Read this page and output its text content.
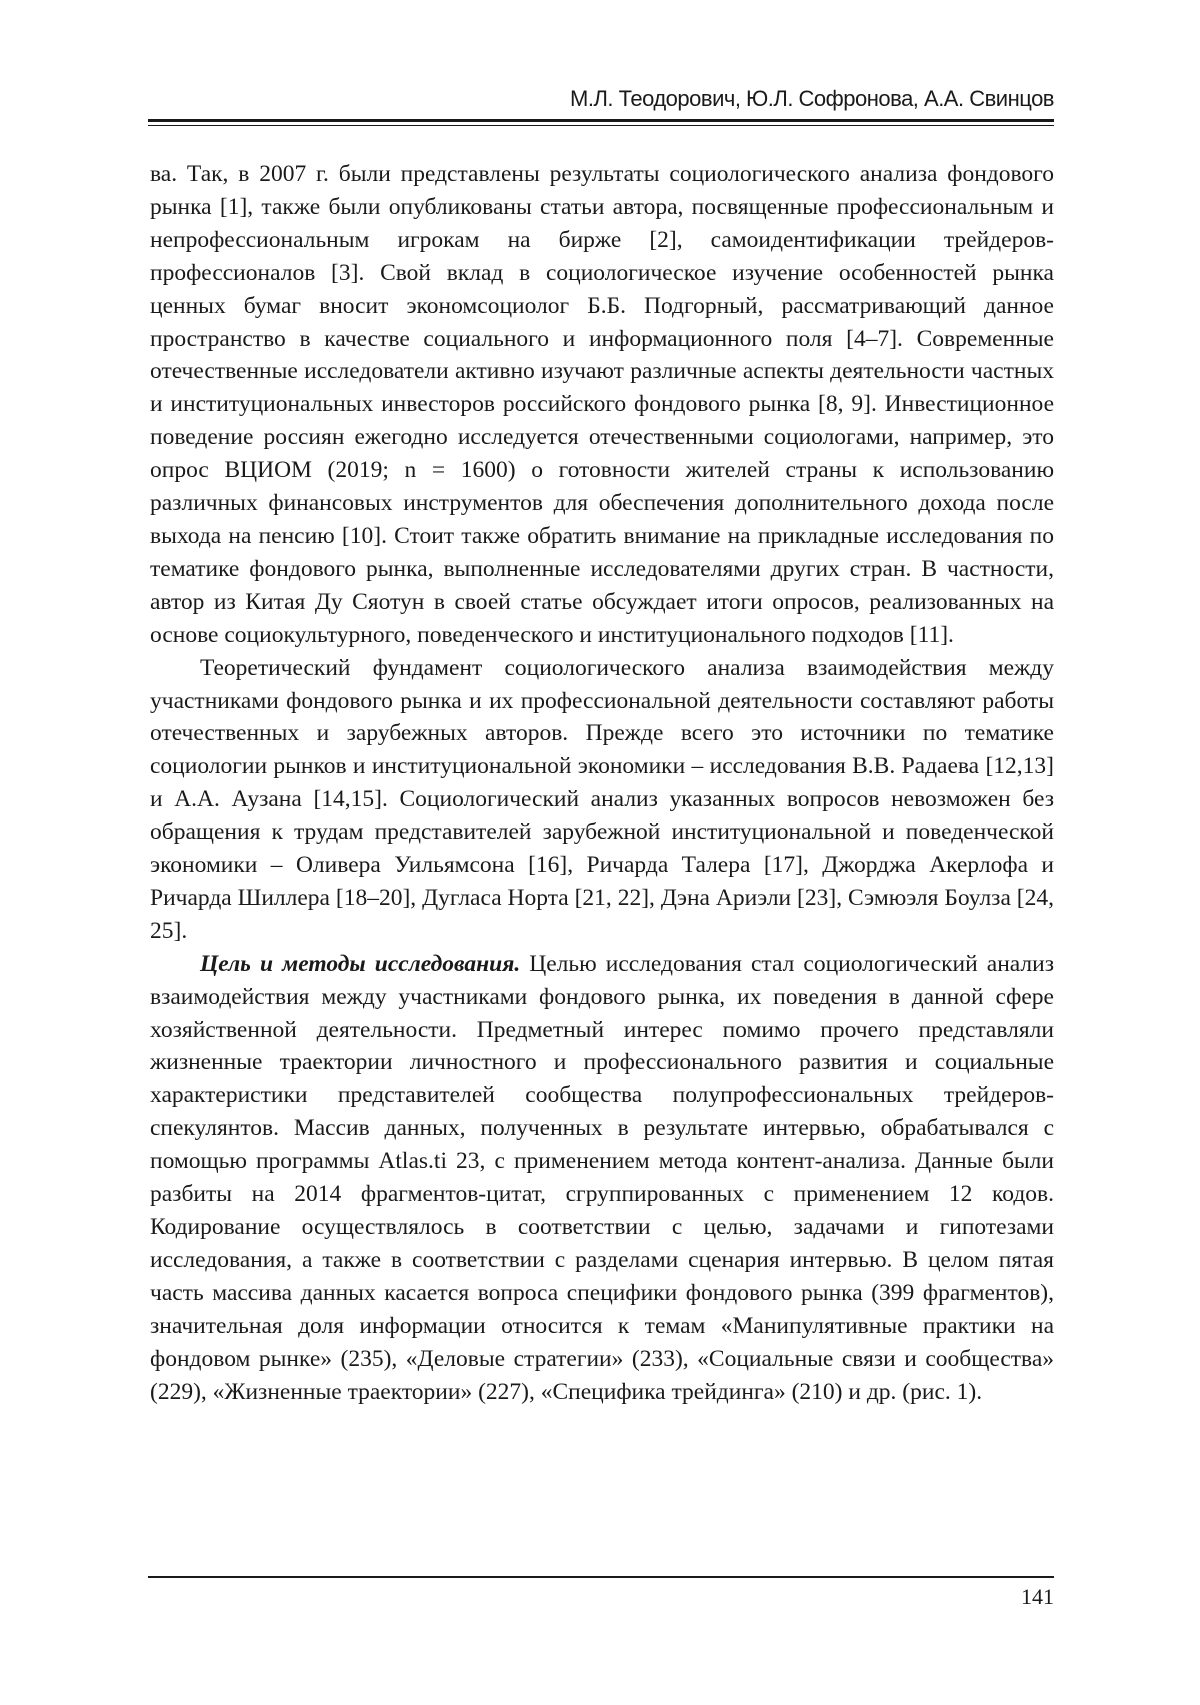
М.Л. Теодорович, Ю.Л. Софронова, А.А. Свинцов

ва. Так, в 2007 г. были представлены результаты социологического анализа фондового рынка [1], также были опубликованы статьи автора, посвященные профессиональным и непрофессиональным игрокам на бирже [2], самоидентификации трейдеров-профессионалов [3]. Свой вклад в социологическое изучение особенностей рынка ценных бумаг вносит экономсоциолог Б.Б. Подгорный, рассматривающий данное пространство в качестве социального и информационного поля [4–7]. Современные отечественные исследователи активно изучают различные аспекты деятельности частных и институциональных инвесторов российского фондового рынка [8, 9]. Инвестиционное поведение россиян ежегодно исследуется отечественными социологами, например, это опрос ВЦИОМ (2019; n = 1600) о готовности жителей страны к использованию различных финансовых инструментов для обеспечения дополнительного дохода после выхода на пенсию [10]. Стоит также обратить внимание на прикладные исследования по тематике фондового рынка, выполненные исследователями других стран. В частности, автор из Китая Ду Сяотун в своей статье обсуждает итоги опросов, реализованных на основе социокультурного, поведенческого и институционального подходов [11].

Теоретический фундамент социологического анализа взаимодействия между участниками фондового рынка и их профессиональной деятельности составляют работы отечественных и зарубежных авторов. Прежде всего это источники по тематике социологии рынков и институциональной экономики – исследования В.В. Радаева [12,13] и А.А. Аузана [14,15]. Социологический анализ указанных вопросов невозможен без обращения к трудам представителей зарубежной институциональной и поведенческой экономики – Оливера Уильямсона [16], Ричарда Талера [17], Джорджа Акерлофа и Ричарда Шиллера [18–20], Дугласа Норта [21, 22], Дэна Ариэли [23], Сэмюэля Боулза [24, 25].

Цель и методы исследования. Целью исследования стал социологический анализ взаимодействия между участниками фондового рынка, их поведения в данной сфере хозяйственной деятельности. Предметный интерес помимо прочего представляли жизненные траектории личностного и профессионального развития и социальные характеристики представителей сообщества полупрофессиональных трейдеров-спекулянтов. Массив данных, полученных в результате интервью, обрабатывался с помощью программы Atlas.ti 23, с применением метода контент-анализа. Данные были разбиты на 2014 фрагментов-цитат, сгруппированных с применением 12 кодов. Кодирование осуществлялось в соответствии с целью, задачами и гипотезами исследования, а также в соответствии с разделами сценария интервью. В целом пятая часть массива данных касается вопроса специфики фондового рынка (399 фрагментов), значительная доля информации относится к темам «Манипулятивные практики на фондовом рынке» (235), «Деловые стратегии» (233), «Социальные связи и сообщества» (229), «Жизненные траектории» (227), «Специфика трейдинга» (210) и др. (рис. 1).

141
